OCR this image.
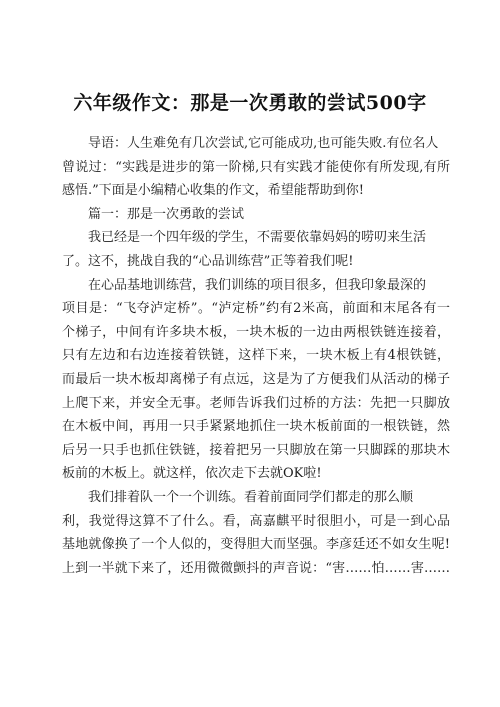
六年级作文：那是一次勇敢的尝试500字
导语：人生难免有几次尝试,它可能成功,也可能失败.有位名人
曾说过：“实践是进步的第一阶梯,只有实践才能使你有所发现,有所
感悟.”下面是小编精心收集的作文，希望能帮助到你!
篇一：那是一次勇敢的尝试
我已经是一个四年级的学生，不需要依靠妈妈的唠叨来生活
了。这不，挑战自我的“心品训练营”正等着我们呢!
在心品基地训练营，我们训练的项目很多，但我印象最深的
项目是：“飞夺泸定桥”。“泸定桥”约有2米高，前面和末尾各有一
个梯子，中间有许多块木板，一块木板的一边由两根铁链连接着，
只有左边和右边连接着铁链，这样下来，一块木板上有4根铁链，
而最后一块木板却离梯子有点远，这是为了方便我们从活动的梯子
上爬下来，并安全无事。老师告诉我们过桥的方法：先把一只脚放
在木板中间，再用一只手紧紧地抓住一块木板前面的一根铁链，然
后另一只手也抓住铁链，接着把另一只脚放在第一只脚踩的那块木
板前的木板上。就这样，依次走下去就OK啦!
我们排着队一个一个训练。看着前面同学们都走的那么顺
利，我觉得这算不了什么。看，高嘉麒平时很胆小，可是一到心品
基地就像换了一个人似的，变得胆大而坚强。李彦廷还不如女生呢!
上到一半就下来了，还用微微颤抖的声音说：“害……怕……害……
